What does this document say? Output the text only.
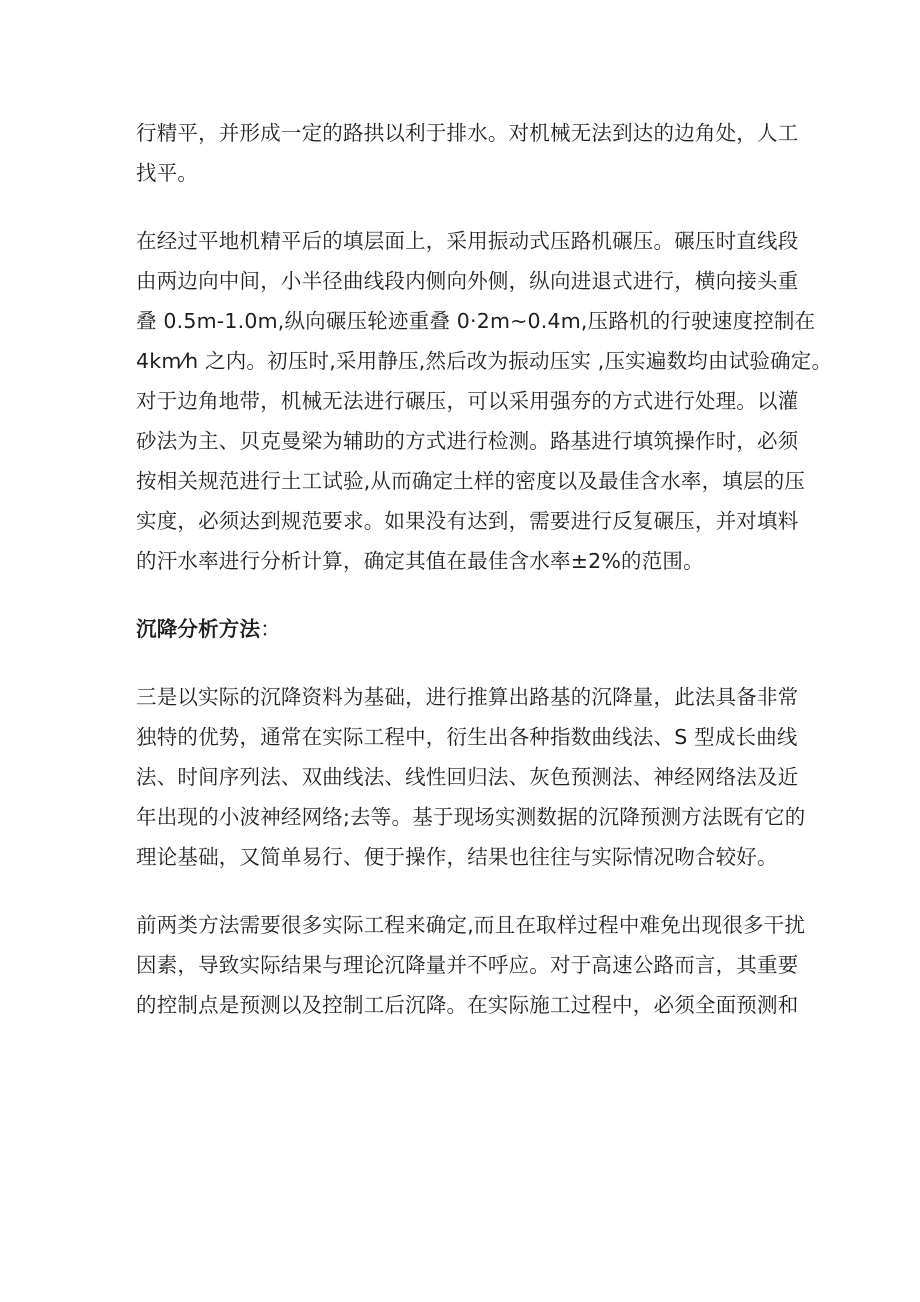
行精平，并形成一定的路拱以利于排水。对机械无法到达的边角处，人工
找平。
在经过平地机精平后的填层面上，采用振动式压路机碾压。碾压时直线段
由两边向中间，小半径曲线段内侧向外侧，纵向进退式进行，横向接头重
叠 0.5m-1.0m,纵向碾压轮迹重叠 0·2m~0.4m,压路机的行驶速度控制在
4km⁄h 之内。初压时,采用静压,然后改为振动压实 ,压实遍数均由试验确定。
对于边角地带，机械无法进行碾压，可以采用强夯的方式进行处理。以灌
砂法为主、贝克曼梁为辅助的方式进行检测。路基进行填筑操作时，必须
按相关规范进行土工试验,从而确定土样的密度以及最佳含水率，填层的压
实度，必须达到规范要求。如果没有达到，需要进行反复碾压，并对填料
的汗水率进行分析计算，确定其值在最佳含水率±2%的范围。
沉降分析方法：
三是以实际的沉降资料为基础，进行推算出路基的沉降量，此法具备非常
独特的优势，通常在实际工程中，衍生出各种指数曲线法、S 型成长曲线
法、时间序列法、双曲线法、线性回归法、灰色预测法、神经网络法及近
年出现的小波神经网络;去等。基于现场实测数据的沉降预测方法既有它的
理论基础，又简单易行、便于操作，结果也往往与实际情况吻合较好。
前两类方法需要很多实际工程来确定,而且在取样过程中难免出现很多干扰
因素，导致实际结果与理论沉降量并不呼应。对于高速公路而言，其重要
的控制点是预测以及控制工后沉降。在实际施工过程中，必须全面预测和
